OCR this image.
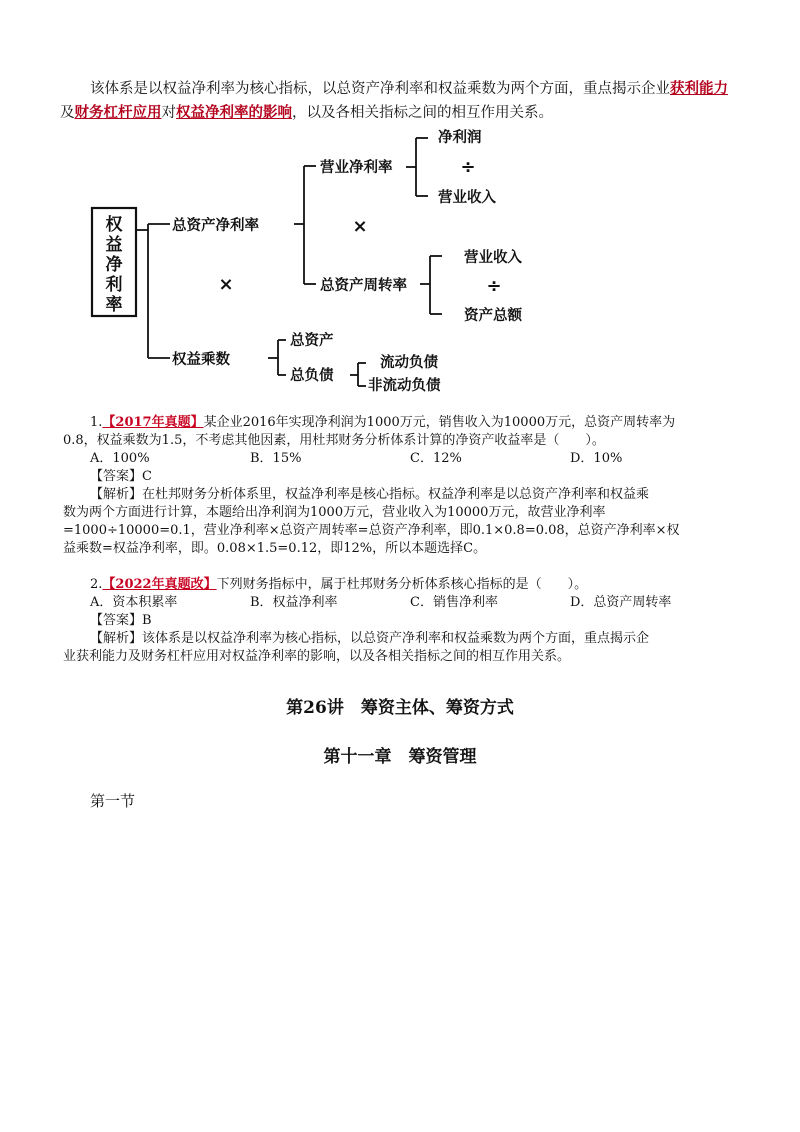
该体系是以权益净利率为核心指标，以总资产净利率和权益乘数为两个方面，重点揭示企业获利能力及财务杠杆应用对权益净利率的影响，以及各相关指标之间的相互作用关系。
权
益
净
利
率
×
总资产净利率	×
营业净利率
净利润
÷
营业收入
总资产周转率
营业收入
÷
资产总额
权益乘数
总资产
总负债
流动负债
非流动负债

1.【2017年真题】某企业2016年实现净利润为1000万元，销售收入为10000万元，总资产周转率为

0.8，权益乘数为1.5，不考虑其他因素，用杜邦财务分析体系计算的净资产收益率是（　　）。

A．100%	B．15%	C．12%	D．10%

【答案】C

【解析】在杜邦财务分析体系里，权益净利率是核心指标。权益净利率是以总资产净利率和权益乘

数为两个方面进行计算，本题给出净利润为1000万元，营业收入为10000万元，故营业净利率

=1000÷10000=0.1，营业净利率×总资产周转率=总资产净利率，即0.1×0.8=0.08，总资产净利率×权

益乘数=权益净利率，即。0.08×1.5=0.12，即12%，所以本题选择C。

2.【2022年真题改】下列财务指标中，属于杜邦财务分析体系核心指标的是（　　）。

A．资本积累率	B．权益净利率	C．销售净利率	D．总资产周转率

【答案】B

【解析】该体系是以权益净利率为核心指标，以总资产净利率和权益乘数为两个方面，重点揭示企

业获利能力及财务杠杆应用对权益净利率的影响，以及各相关指标之间的相互作用关系。

第26讲　筹资主体、筹资方式
第十一章　筹资管理
第一节
